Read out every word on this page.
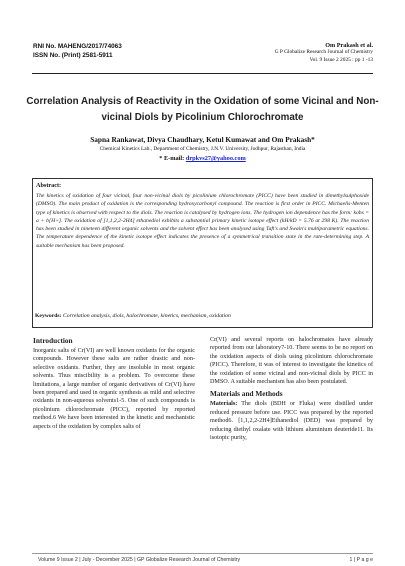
RNI No. MAHENG/2017/74063
ISSN No. (Print) 2581-5911
Om Prakash et al.
G P Globalize Research Journal of Chemistry
Vol. 9 Issue 2 2025 : pp 1 -13
Correlation Analysis of Reactivity in the Oxidation of some Vicinal and Non-vicinal Diols by Picolinium Chlorochromate
Sapna Rankawat, Divya Chaudhary, Ketul Kumawat and Om Prakash*
Chemical Kinetics Lab., Department of Chemistry, J.N.V. University, Jodhpur, Rajasthan, India
* E-mail: drpkvs27@yahoo.com
Abstract:
The kinetics of oxidation of four vicinal, four non-vicinal diols by picolinium chlorochromate (PICC) have been studied in dimethylsulphoxide (DMSO). The main product of oxidation is the corresponding hydroxycarbonyl compound. The reaction is first order in PICC. Michaelis-Menten type of kinetics is observed with respect to the diols. The reaction is catalysed by hydrogen ions. The hydrogen ion dependence has the form: kobs = a + b[H+]. The oxidation of [1,1,2,2-2H4] ethanediol exhibits a substantial primary kinetic isotope effect (kH/kD = 5.76 at 298 K). The reaction has been studied in nineteen different organic solvents and the solvent effect has been analysed using Taft's and Swain's multiparametric equations. The temperature dependence of the kinetic isotope effect indicates the presence of a symmetrical transition state in the rate-determining step. A suitable mechanism has been proposed.
Keywords: Correlation analysis, diols, halochromate, kinetics, mechanism, oxidation
Introduction
Inorganic salts of Cr(VI) are well known oxidants for the organic compounds. However these salts are rather drastic and non-selective oxidants. Further, they are insoluble in most organic solvents. Thus miscibility is a problem. To overcome these limitations, a large number of organic derivatives of Cr(VI) have been prepared and used in organic synthesis as mild and selective oxidants in non-aqueous solvents1-5. One of such compounds is picolinium chlorochromate (PICC), reported by reported method.6 We have been interested in the kinetic and mechanistic aspects of the oxidation by complex salts of
Cr(VI) and several reports on halochromates have already reported from our laboratory7-10. There seems to be no report on the oxidation aspects of diols using picolinium chlorochromate (PICC). Therefore, it was of interest to investigate the kinetics of the oxidation of some vicinal and non-vicinal diols by PICC in DMSO. A suitable mechanism has also been postulated.
Materials and Methods
Materials: The diols (BDH or Fluka) were distilled under reduced pressure before use. PICC was prepared by the reported method6. [1,1,2,2-2H4]Ethanediol (DED) was prepared by reducing diethyl oxalate with lithium aluminium deuteride11. Its isotopic purity,
Volume 9 Issue 2 | July - December 2025 | GP Globalize Research Journal of Chemistry	1 | P a g e
